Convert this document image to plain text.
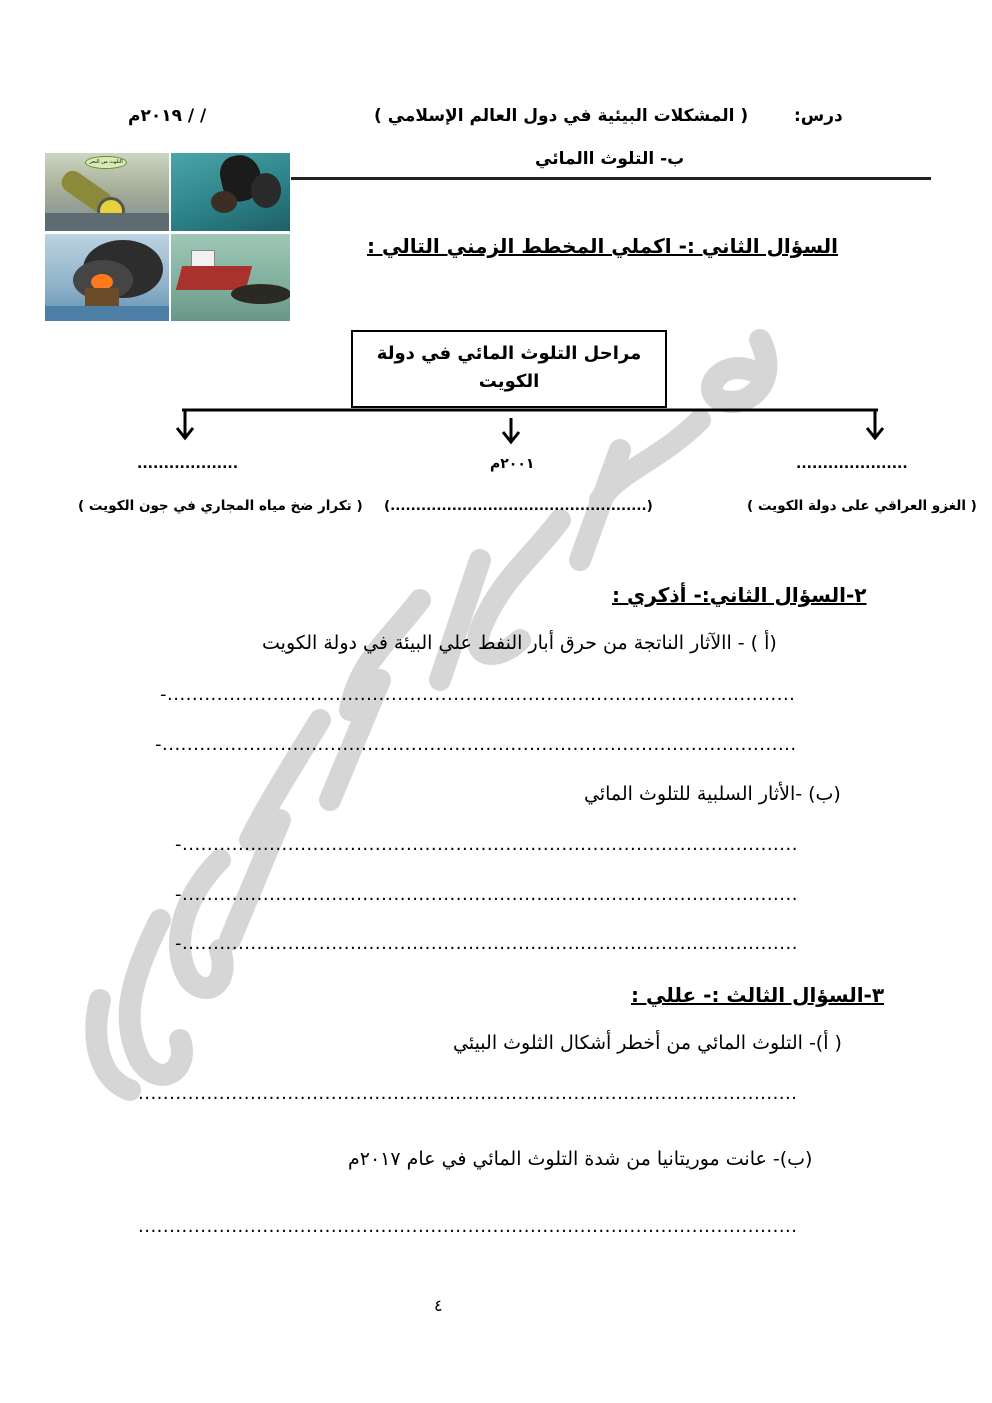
درس:
( المشكلات البيئية في دول العالم الإسلامي )
/ / ٢٠١٩م
ب- التلوث االمائي
التلوث من البحر
السؤال الثاني :- اكملي المخطط الزمني التالي :
مراحل التلوث المائي في دولة الكويت
.....................
٢٠٠١م
...................
( الغزو العراقي على دولة الكويت )
(..................................................)
( تكرار ضخ مياه المجاري في جون الكويت )
٢-السؤال الثاني:- أذكري :
(أ ) - االآثار الناتجة من حرق أبار النفط علي البيئة في دولة الكويت
-.....................................................................................................
-......................................................................................................
(ب) -الأثار السلبية للتلوث المائي
-...................................................................................................
-...................................................................................................
-...................................................................................................
٣-السؤال الثالث :- عللي :
( أ)- التلوث المائي من أخطر أشكال الثلوث البيئي
..........................................................................................................
(ب)- عانت موريتانيا من شدة التلوث المائي في عام ٢٠١٧م
..........................................................................................................
٤
